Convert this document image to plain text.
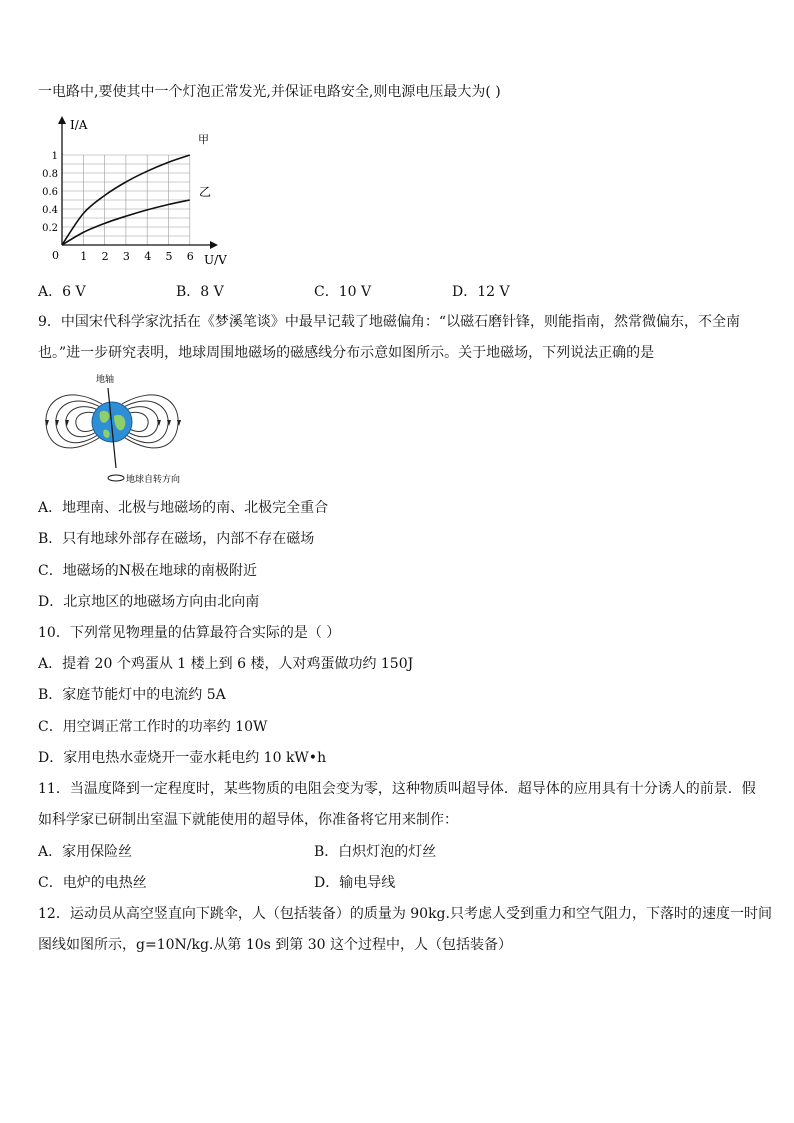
一电路中,要使其中一个灯泡正常发光,并保证电路安全,则电源电压最大为( )
I/A
U/V
0 1 2 3 4 5 6
0.2
0.4
0.6
0.8
1
甲
乙
A．6 V	B．8 V	C．10 V	D．12 V
9．中国宋代科学家沈括在《梦溪笔谈》中最早记载了地磁偏角：“以磁石磨针锋，则能指南，然常微偏东，不全南
也。”进一步研究表明，地球周围地磁场的磁感线分布示意如图所示。关于地磁场，下列说法正确的是
地轴
地球自转方向
A．地理南、北极与地磁场的南、北极完全重合
B．只有地球外部存在磁场，内部不存在磁场
C．地磁场的N极在地球的南极附近
D．北京地区的地磁场方向由北向南
10．下列常见物理量的估算最符合实际的是（ ）
A．提着 20 个鸡蛋从 1 楼上到 6 楼，人对鸡蛋做功约 150J
B．家庭节能灯中的电流约 5A
C．用空调正常工作时的功率约 10W
D．家用电热水壶烧开一壶水耗电约 10 kW•h
11．当温度降到一定程度时，某些物质的电阻会变为零，这种物质叫超导体．超导体的应用具有十分诱人的前景．假
如科学家已研制出室温下就能使用的超导体，你准备将它用来制作：
A．家用保险丝	B．白炽灯泡的灯丝
C．电炉的电热丝	D．输电导线
12．运动员从高空竖直向下跳伞，人（包括装备）的质量为 90kg.只考虑人受到重力和空气阻力，下落时的速度一时间
图线如图所示，g=10N/kg.从第 10s 到第 30 这个过程中，人（包括装备）
